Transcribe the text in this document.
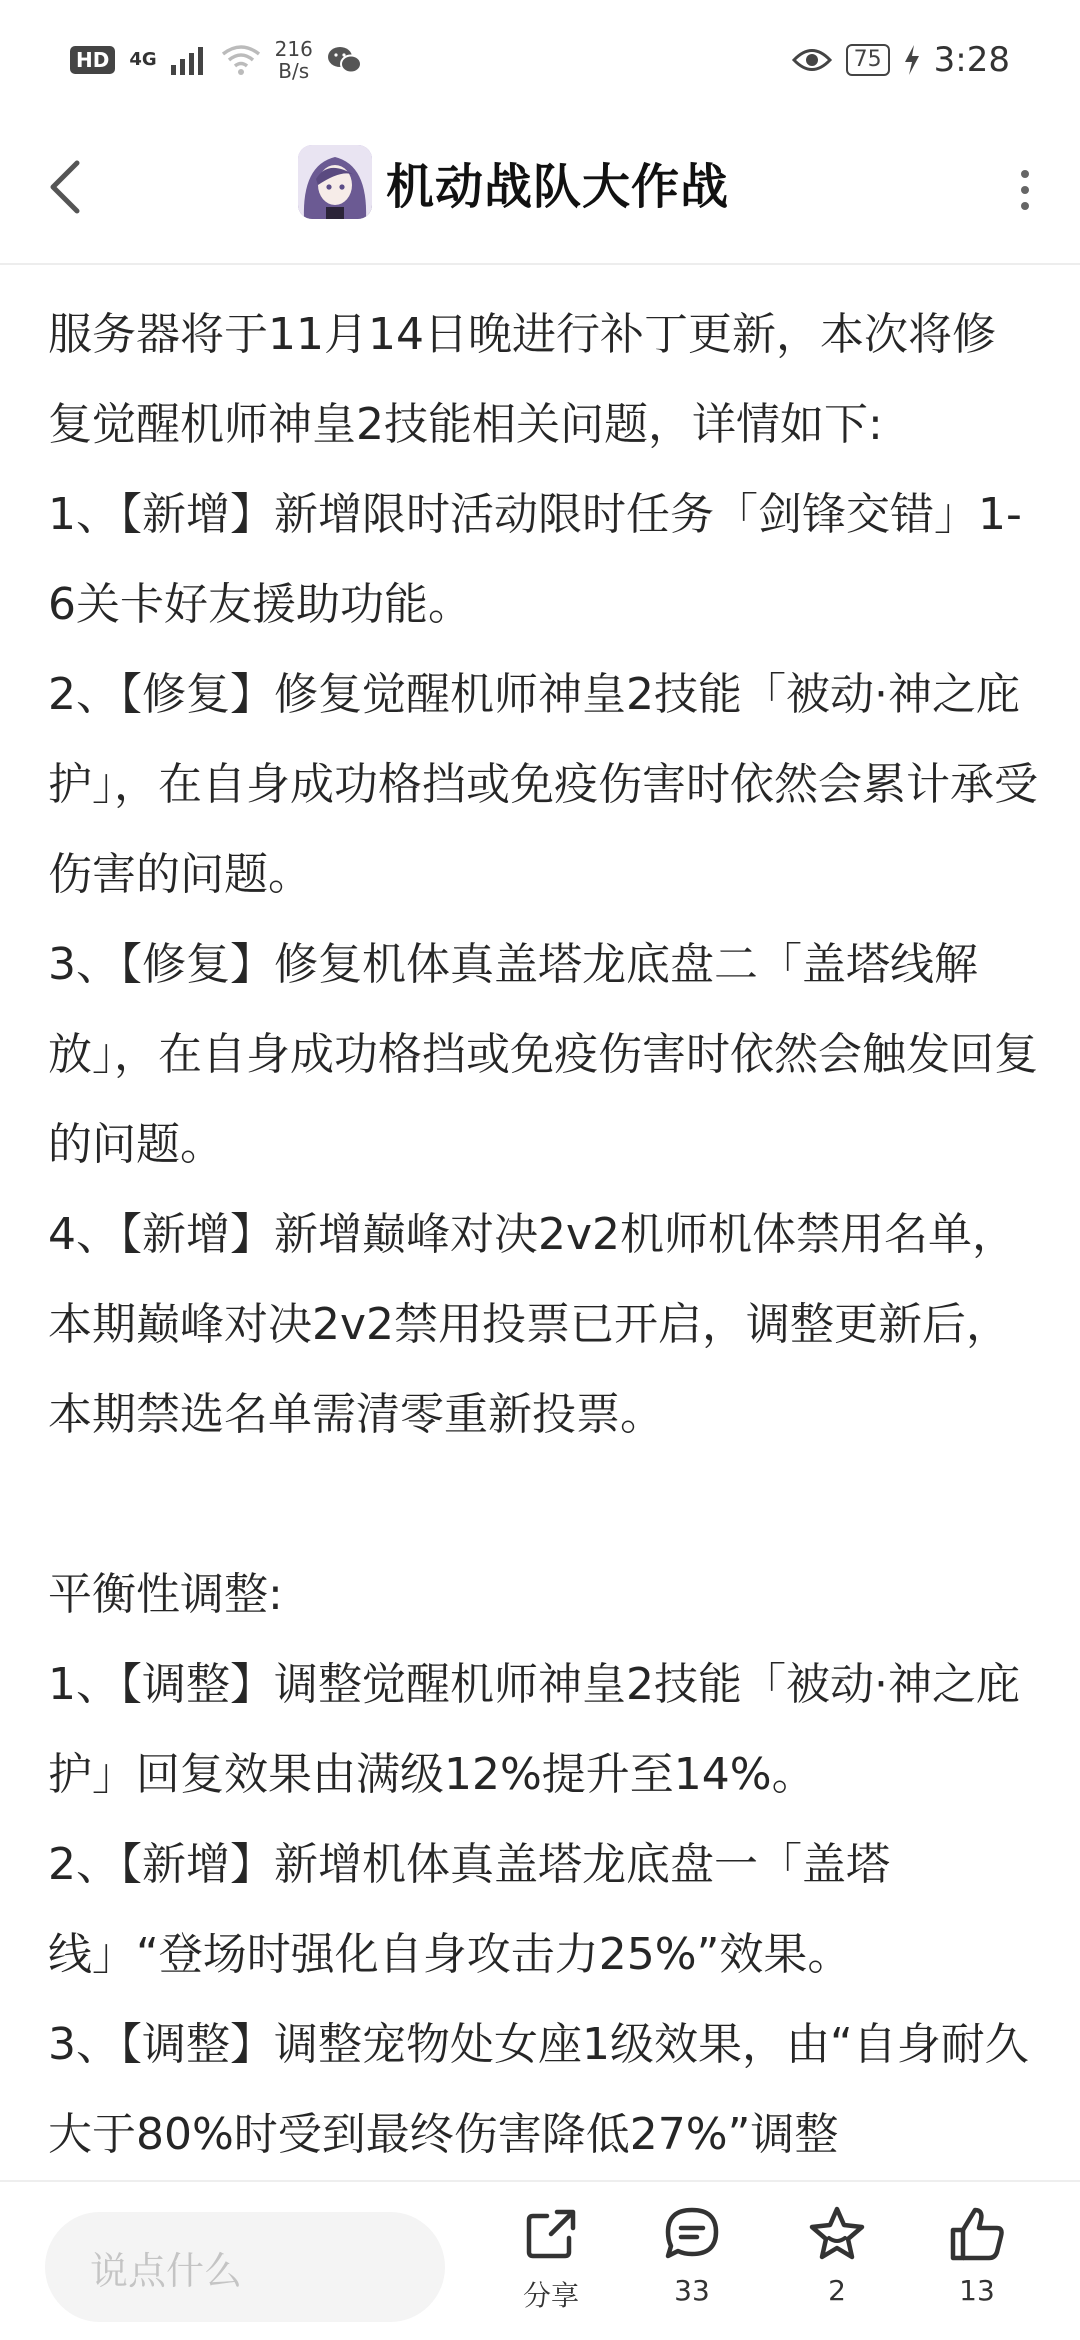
HD	4G	216
B/s	75 3:28
机动战队大作战

服务器将于11月14日晚进行补丁更新，本次将修复觉醒机师神皇2技能相关问题，详情如下:

1、【新增】新增限时活动限时任务「剑锋交错」1-6关卡好友援助功能。

2、【修复】修复觉醒机师神皇2技能「被动·神之庇护」，在自身成功格挡或免疫伤害时依然会累计承受伤害的问题。

3、【修复】修复机体真盖塔龙底盘二「盖塔线解放」，在自身成功格挡或免疫伤害时依然会触发回复的问题。

4、【新增】新增巅峰对决2v2机师机体禁用名单，本期巅峰对决2v2禁用投票已开启，调整更新后，本期禁选名单需清零重新投票。

平衡性调整:

1、【调整】调整觉醒机师神皇2技能「被动·神之庇护」回复效果由满级12%提升至14%。

2、【新增】新增机体真盖塔龙底盘一「盖塔线」“登场时强化自身攻击力25%”效果。

3、【调整】调整宠物处女座1级效果，由“自身耐久大于80%时受到最终伤害降低27%”调整

说点什么
分享	33	2	13
